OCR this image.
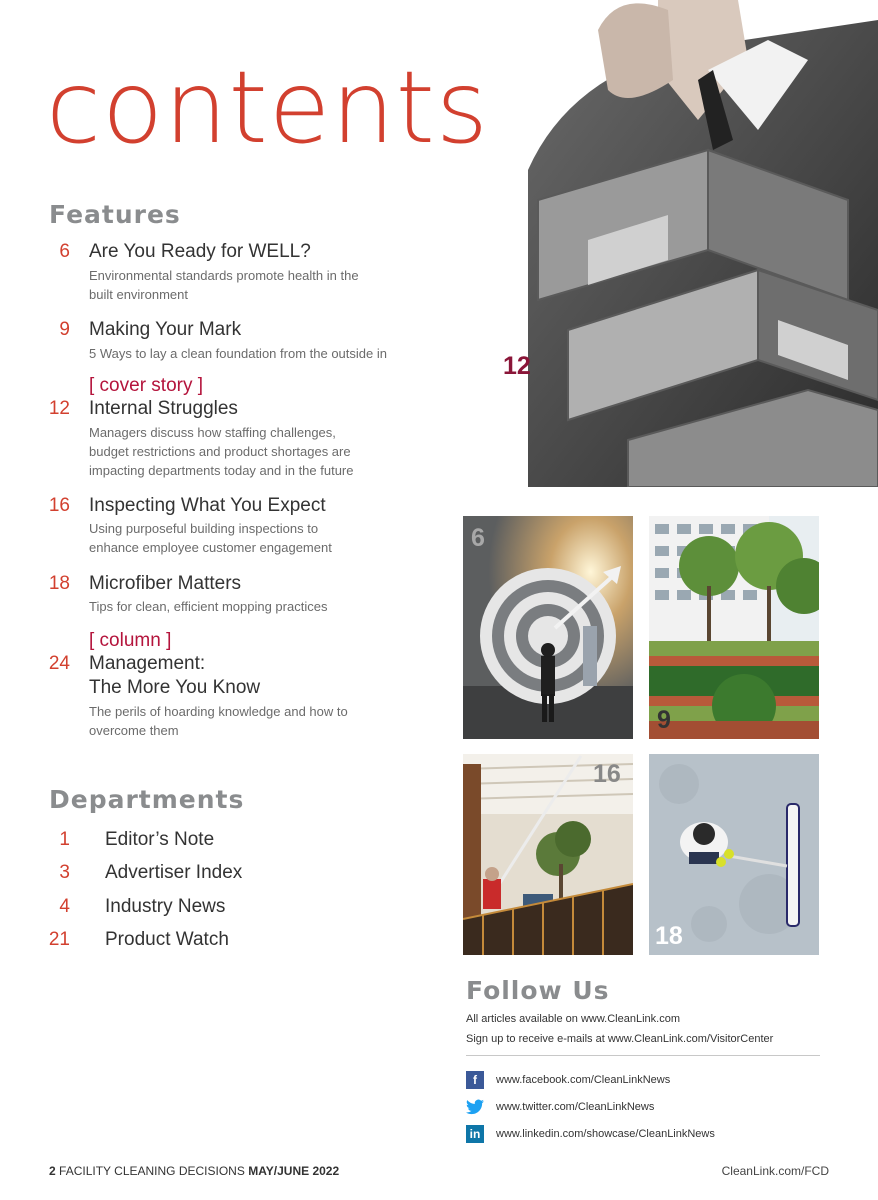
contents
12
Features
6 Are You Ready for WELL?
Environmental standards promote health in the
built environment
9 Making Your Mark
5 Ways to lay a clean foundation from the outside in
[ cover story ]
12 Internal Struggles
Managers discuss how staffing challenges,
budget restrictions and product shortages are
impacting departments today and in the future
16 Inspecting What You Expect
Using purposeful building inspections to
enhance employee customer engagement
18 Microfiber Matters
Tips for clean, efficient mopping practices
[ column ]
24 Management:
The More You Know
The perils of hoarding knowledge and how to
overcome them
Departments
1 Editor’s Note
3 Advertiser Index
4 Industry News
21 Product Watch
6
9
16
18
Follow Us
All articles available on www.CleanLink.com
Sign up to receive e-mails at www.CleanLink.com/VisitorCenter
f www.facebook.com/CleanLinkNews
www.twitter.com/CleanLinkNews
in www.linkedin.com/showcase/CleanLinkNews
2 FACILITY CLEANING DECISIONS MAY/JUNE 2022	CleanLink.com/FCD
